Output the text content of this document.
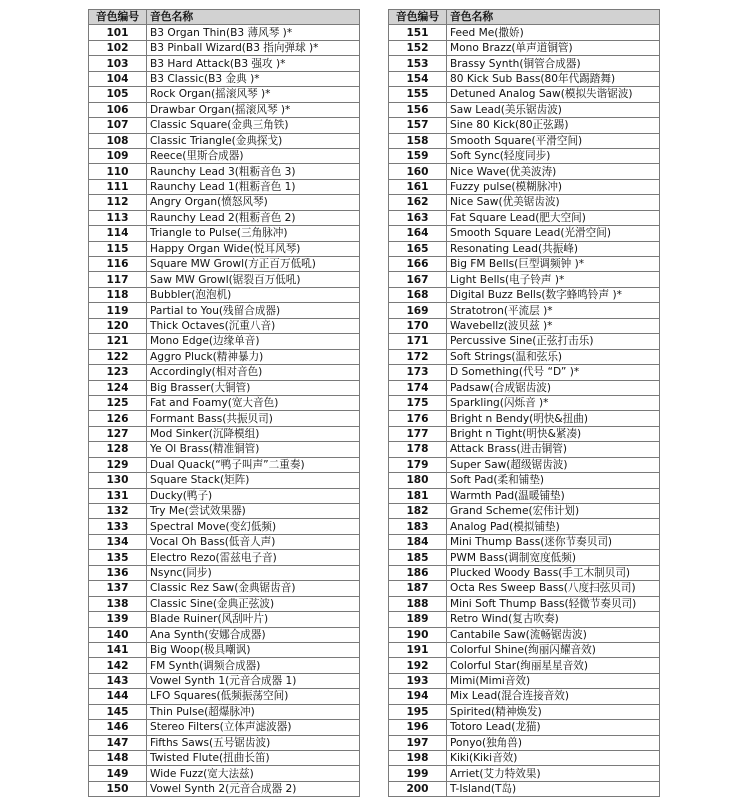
音色编号	音色名称
101	B3 Organ Thin(B3 薄风琴 )*
102	B3 Pinball Wizard(B3 指向弹球 )*
103	B3 Hard Attack(B3 强攻 )*
104	B3 Classic(B3 金典 )*
105	Rock Organ(摇滚风琴 )*
106	Drawbar Organ(摇滚风琴 )*
107	Classic Square(金典三角铁)
108	Classic Triangle(金典探戈)
109	Reece(里斯合成器)
110	Raunchy Lead 3(粗粝音色 3)
111	Raunchy Lead 1(粗粝音色 1)
112	Angry Organ(愤怒风琴)
113	Raunchy Lead 2(粗粝音色 2)
114	Triangle to Pulse(三角脉冲)
115	Happy Organ Wide(悦耳风琴)
116	Square MW Growl(方正百万低吼)
117	Saw MW Growl(锯裂百万低吼)
118	Bubbler(泡泡机)
119	Partial to You(残留合成器)
120	Thick Octaves(沉重八音)
121	Mono Edge(边缘单音)
122	Aggro Pluck(精神暴力)
123	Accordingly(相对音色)
124	Big Brasser(大铜管)
125	Fat and Foamy(宽大音色)
126	Formant Bass(共振贝司)
127	Mod Sinker(沉降模组)
128	Ye Ol Brass(精准铜管)
129	Dual Quack(“鸭子叫声”二重奏)
130	Square Stack(矩阵)
131	Ducky(鸭子)
132	Try Me(尝试效果器)
133	Spectral Move(变幻低频)
134	Vocal Oh Bass(低音人声)
135	Electro Rezo(雷兹电子音)
136	Nsync(同步)
137	Classic Rez Saw(金典锯齿音)
138	Classic Sine(金典正弦波)
139	Blade Ruiner(风刮叶片)
140	Ana Synth(安娜合成器)
141	Big Woop(极具嘲讽)
142	FM Synth(调频合成器)
143	Vowel Synth 1(元音合成器 1)
144	LFO Squares(低频振荡空间)
145	Thin Pulse(超爆脉冲)
146	Stereo Filters(立体声滤波器)
147	Fifths Saws(五号锯齿波)
148	Twisted Flute(扭曲长笛)
149	Wide Fuzz(宽大法兹)
150	Vowel Synth 2(元音合成器 2)
音色编号	音色名称
151	Feed Me(撒娇)
152	Mono Brazz(单声道铜管)
153	Brassy Synth(铜管合成器)
154	80 Kick Sub Bass(80年代踢踏舞)
155	Detuned Analog Saw(模拟失谐锯波)
156	Saw Lead(美乐锯齿波)
157	Sine 80 Kick(80正弦踢)
158	Smooth Square(平滑空间)
159	Soft Sync(轻度同步)
160	Nice Wave(优美波涛)
161	Fuzzy pulse(模糊脉冲)
162	Nice Saw(优美锯齿波)
163	Fat Square Lead(肥大空间)
164	Smooth Square Lead(光滑空间)
165	Resonating Lead(共振峰)
166	Big FM Bells(巨型调频钟 )*
167	Light Bells(电子铃声 )*
168	Digital Buzz Bells(数字蜂鸣铃声 )*
169	Stratotron(平流层 )*
170	Wavebellz(波贝兹 )*
171	Percussive Sine(正弦打击乐)
172	Soft Strings(温和弦乐)
173	D Something(代号 “D” )*
174	Padsaw(合成锯齿波)
175	Sparkling(闪烁音 )*
176	Bright n Bendy(明快&扭曲)
177	Bright n Tight(明快&紧凑)
178	Attack Brass(进击铜管)
179	Super Saw(超级锯齿波)
180	Soft Pad(柔和铺垫)
181	Warmth Pad(温暖铺垫)
182	Grand Scheme(宏伟计划)
183	Analog Pad(模拟铺垫)
184	Mini Thump Bass(迷你节奏贝司)
185	PWM Bass(调制宽度低频)
186	Plucked Woody Bass(手工木制贝司)
187	Octa Res Sweep Bass(八度扫弦贝司)
188	Mini Soft Thump Bass(轻微节奏贝司)
189	Retro Wind(复古吹奏)
190	Cantabile Saw(流畅锯齿波)
191	Colorful Shine(绚丽闪耀音效)
192	Colorful Star(绚丽星星音效)
193	Mimi(Mimi音效)
194	Mix Lead(混合连接音效)
195	Spirited(精神焕发)
196	Totoro Lead(龙猫)
197	Ponyo(独角兽)
198	Kiki(Kiki音效)
199	Arriet(艾力特效果)
200	T-Island(T岛)
